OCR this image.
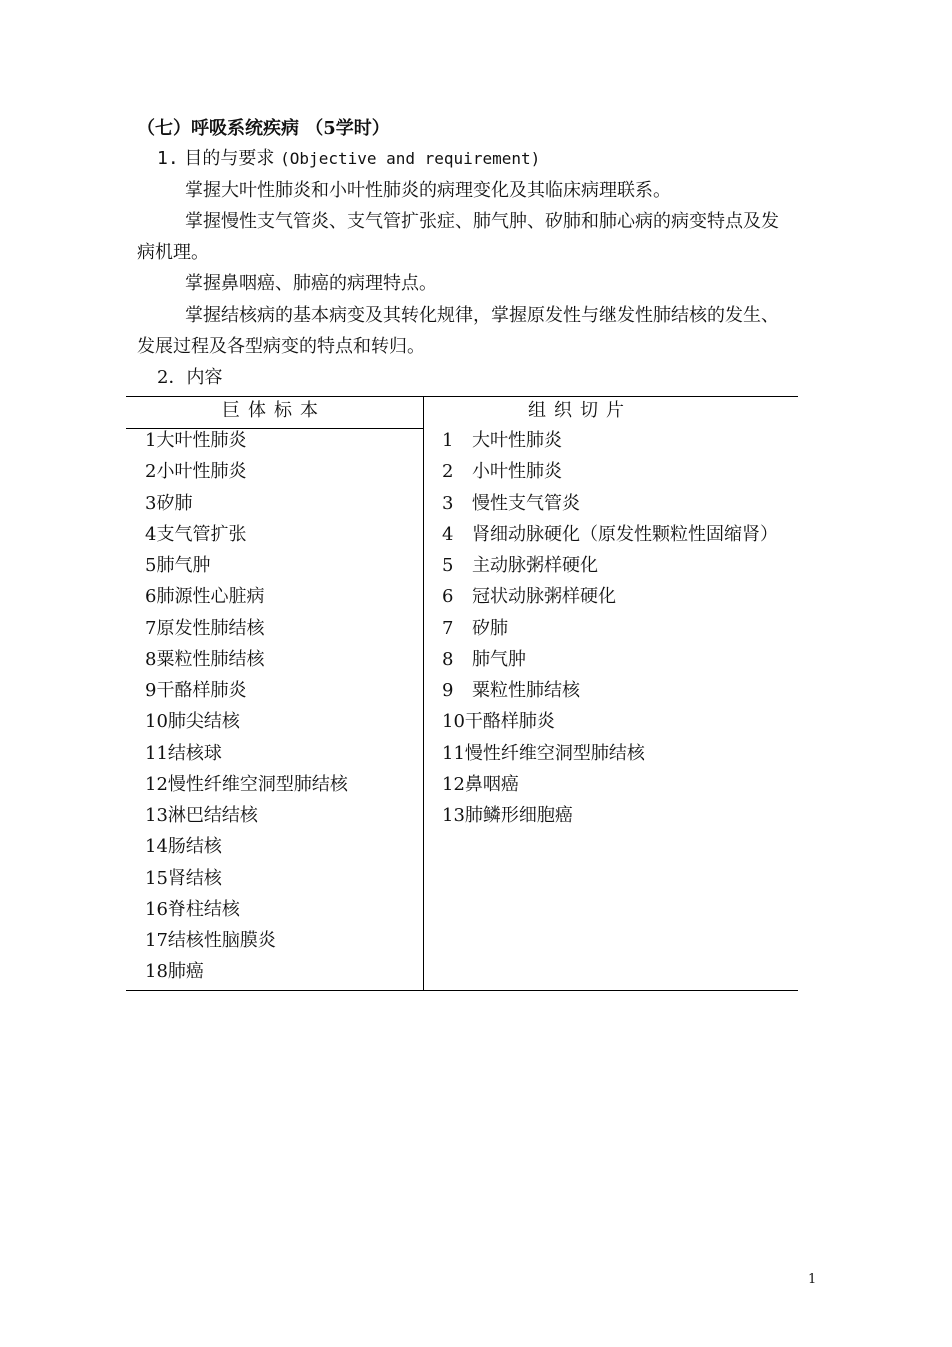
（七）呼吸系统疾病 （5学时）
1. 目的与要求 (Objective and requirement)
掌握大叶性肺炎和小叶性肺炎的病理变化及其临床病理联系。
掌握慢性支气管炎、支气管扩张症、肺气肿、矽肺和肺心病的病变特点及发
病机理。
掌握鼻咽癌、肺癌的病理特点。
掌握结核病的基本病变及其转化规律，掌握原发性与继发性肺结核的发生、
发展过程及各型病变的特点和转归。
2．内容
巨体标本	组织切片
1大叶性肺炎
2小叶性肺炎
3矽肺
4支气管扩张
5肺气肿
6肺源性心脏病
7原发性肺结核
8粟粒性肺结核
9干酪样肺炎
10肺尖结核
11结核球
12慢性纤维空洞型肺结核
13淋巴结结核
14肠结核
15肾结核
16脊柱结核
17结核性脑膜炎
18肺癌
1 大叶性肺炎
2 小叶性肺炎
3 慢性支气管炎
4 肾细动脉硬化（原发性颗粒性固缩肾）
5 主动脉粥样硬化
6 冠状动脉粥样硬化
7 矽肺
8 肺气肿
9 粟粒性肺结核
10干酪样肺炎
11慢性纤维空洞型肺结核
12鼻咽癌
13肺鳞形细胞癌
1
